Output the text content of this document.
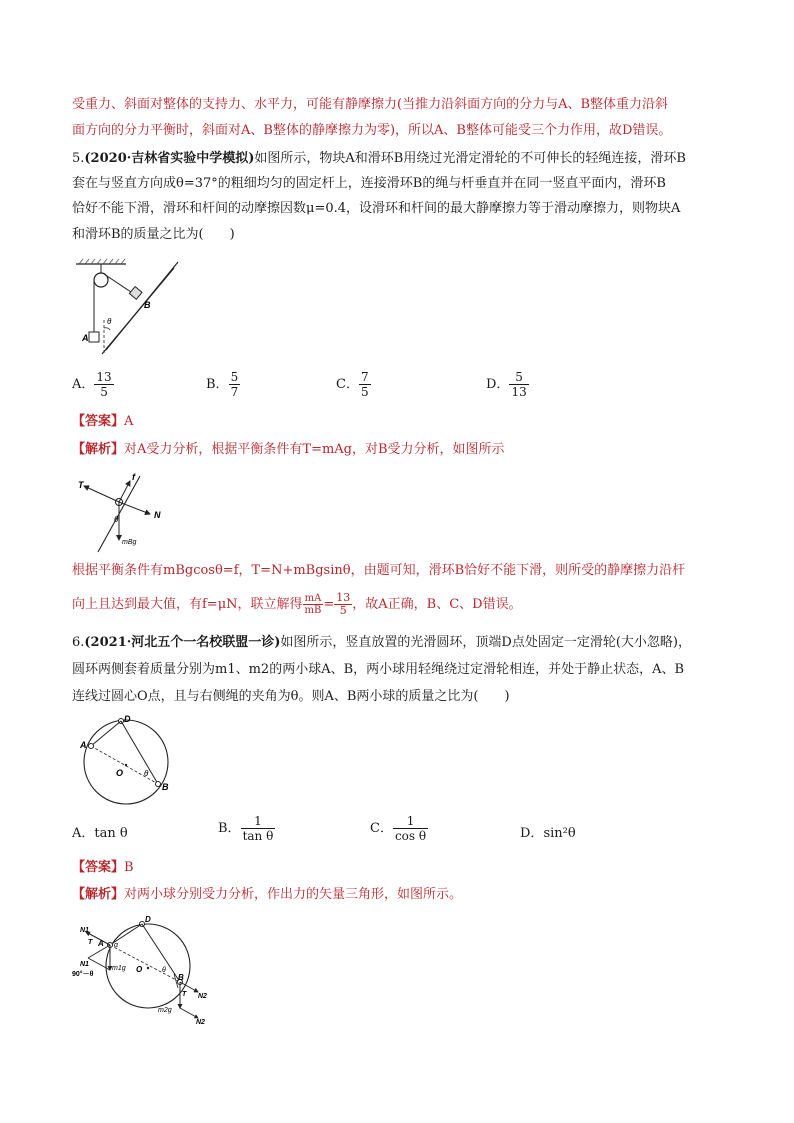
受重力、斜面对整体的支持力、水平力，可能有静摩擦力(当推力沿斜面方向的分力与A、B整体重力沿斜
面方向的分力平衡时，斜面对A、B整体的静摩擦力为零)，所以A、B整体可能受三个力作用，故D错误。
5.(2020·吉林省实验中学模拟)如图所示，物块A和滑环B用绕过光滑定滑轮的不可伸长的轻绳连接，滑环B
套在与竖直方向成θ=37°的粗细均匀的固定杆上，连接滑环B的绳与杆垂直并在同一竖直平面内，滑环B
恰好不能下滑，滑环和杆间的动摩擦因数μ=0.4，设滑环和杆间的最大静摩擦力等于滑动摩擦力，则物块A
和滑环B的质量之比为(　　)
A
B
θ
A． $\frac{13}{5}$	B． $\frac{5}{7}$	C． $\frac{7}{5}$	D． $\frac{5}{13}$
【答案】A
【解析】对A受力分析，根据平衡条件有T=mAg，对B受力分析，如图所示
T
f
N
θ
mBg
根据平衡条件有mBgcosθ=f，T=N+mBgsinθ，由题可知，滑环B恰好不能下滑，则所受的静摩擦力沿杆
向上且达到最大值，有f=μN，联立解得 $\frac{mA}{mB} = \frac{13}{5}$ ，故A正确，B、C、D错误。
6.(2021·河北五个一名校联盟一诊)如图所示，竖直放置的光滑圆环，顶端D点处固定一定滑轮(大小忽略)，
圆环两侧套着质量分别为m1、m2的两小球A、B，两小球用轻绳绕过定滑轮相连，并处于静止状态，A、B
连线过圆心O点，且与右侧绳的夹角为θ。则A、B两小球的质量之比为(　　)
D
A
O
B
θ
A．tan θ	B． $\frac{1}{\text{tan θ}}$	C． $\frac{1}{\text{cos θ}}$	D．sin²θ
【答案】B
【解析】对两小球分别受力分析，作出力的矢量三角形，如图所示。
D
N1
T A α
N1
m1g
90°－θ
O	θ
B
T N2
m2g
N2
